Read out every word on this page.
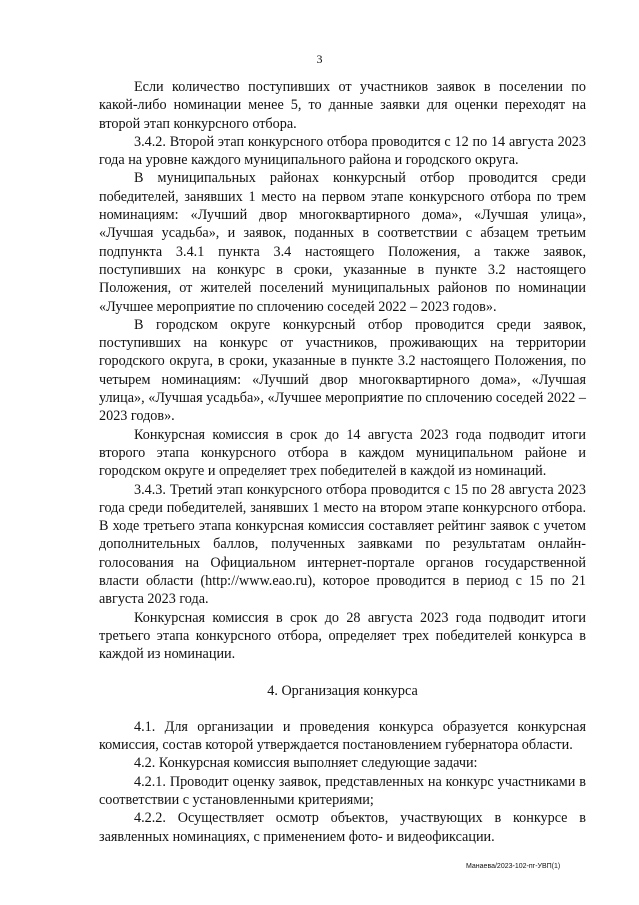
3

Если количество поступивших от участников заявок в поселении по какой-либо номинации менее 5, то данные заявки для оценки переходят на второй этап конкурсного отбора.

3.4.2. Второй этап конкурсного отбора проводится с 12 по 14 августа 2023 года на уровне каждого муниципального района и городского округа.

В муниципальных районах конкурсный отбор проводится среди победителей, занявших 1 место на первом этапе конкурсного отбора по трем номинациям: «Лучший двор многоквартирного дома», «Лучшая улица», «Лучшая усадьба», и заявок, поданных в соответствии с абзацем третьим подпункта 3.4.1 пункта 3.4 настоящего Положения, а также заявок, поступивших на конкурс в сроки, указанные в пункте 3.2 настоящего Положения, от жителей поселений муниципальных районов по номинации «Лучшее мероприятие по сплочению соседей 2022 – 2023 годов».

В городском округе конкурсный отбор проводится среди заявок, поступивших на конкурс от участников, проживающих на территории городского округа, в сроки, указанные в пункте 3.2 настоящего Положения, по четырем номинациям: «Лучший двор многоквартирного дома», «Лучшая улица», «Лучшая усадьба», «Лучшее мероприятие по сплочению соседей 2022 – 2023 годов».

Конкурсная комиссия в срок до 14 августа 2023 года подводит итоги второго этапа конкурсного отбора в каждом муниципальном районе и городском округе и определяет трех победителей в каждой из номинаций.

3.4.3. Третий этап конкурсного отбора проводится с 15 по 28 августа 2023 года среди победителей, занявших 1 место на втором этапе конкурсного отбора. В ходе третьего этапа конкурсная комиссия составляет рейтинг заявок с учетом дополнительных баллов, полученных заявками по результатам онлайн-голосования на Официальном интернет-портале органов государственной власти области (http://www.eao.ru), которое проводится в период с 15 по 21 августа 2023 года.

Конкурсная комиссия в срок до 28 августа 2023 года подводит итоги третьего этапа конкурсного отбора, определяет трех победителей конкурса в каждой из номинации.

4. Организация конкурса

4.1. Для организации и проведения конкурса образуется конкурсная комиссия, состав которой утверждается постановлением губернатора области.

4.2. Конкурсная комиссия выполняет следующие задачи:

4.2.1. Проводит оценку заявок, представленных на конкурс участниками в соответствии с установленными критериями;

4.2.2. Осуществляет осмотр объектов, участвующих в конкурсе в заявленных номинациях, с применением фото- и видеофиксации.

Манаева/2023-102-пг-УВП(1)
